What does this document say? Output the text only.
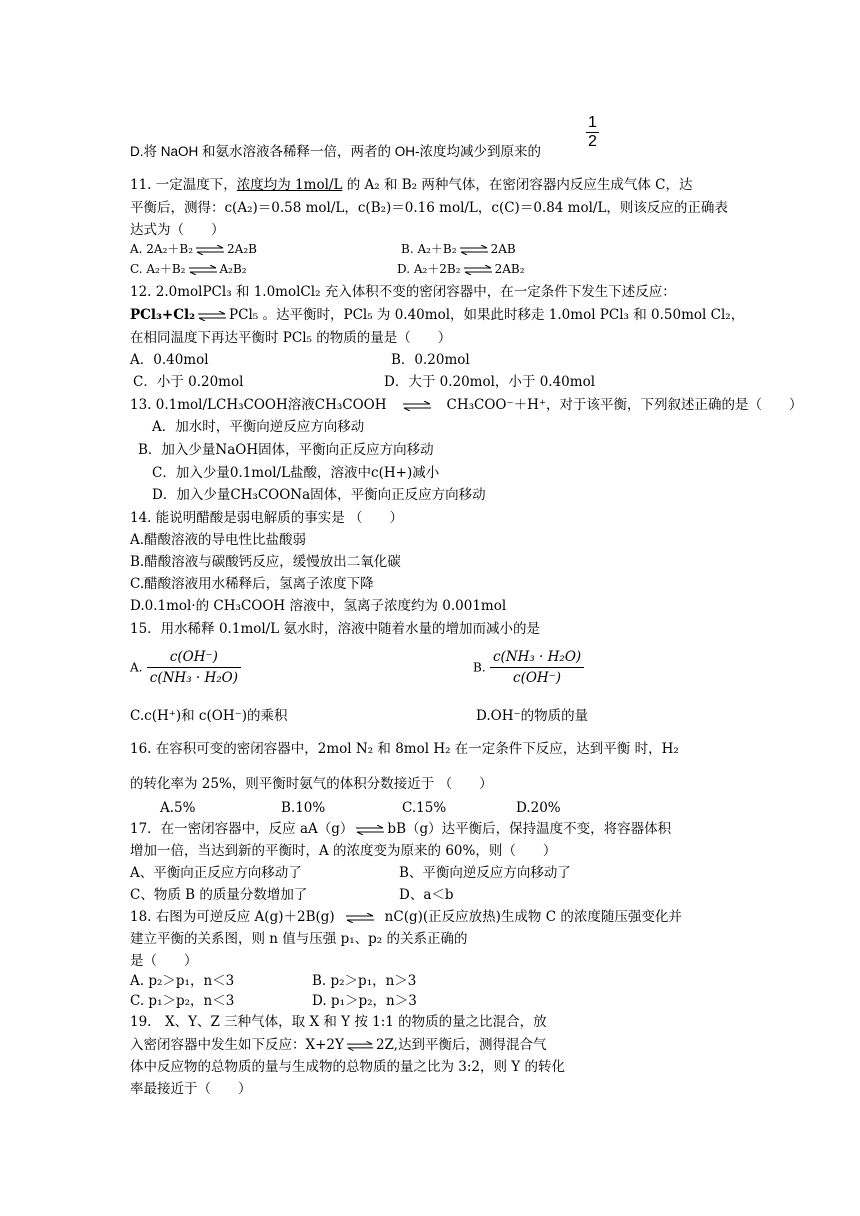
D.将 NaOH 和氨水溶液各稀释一倍，两者的 OH-浓度均减少到原来的
$\frac{1}{2}$
11. 一定温度下，浓度均为 1mol/L 的 A₂ 和 B₂ 两种气体，在密闭容器内反应生成气体 C，达
平衡后，测得：c(A₂)＝0.58 mol/L，c(B₂)＝0.16 mol/L，c(C)＝0.84 mol/L，则该反应的正确表
达式为（　　）
A. 2A₂＋B₂	2A₂B	B. A₂＋B₂	2AB
C. A₂＋B₂	A₂B₂	D. A₂＋2B₂	2AB₂
12. 2.0molPCl₃ 和 1.0molCl₂ 充入体积不变的密闭容器中，在一定条件下发生下述反应：
PCl₃+Cl₂	PCl₅ 。达平衡时，PCl₅ 为 0.40mol，如果此时移走 1.0mol PCl₃ 和 0.50mol Cl₂，
在相同温度下再达平衡时 PCl₅ 的物质的量是（　　）
A．0.40mol	B．0.20mol
C．小于 0.20mol	D．大于 0.20mol，小于 0.40mol
13. 0.1mol/LCH₃COOH溶液CH₃COOH	CH₃COO⁻＋H⁺，对于该平衡，下列叙述正确的是（　　）
A．加水时，平衡向逆反应方向移动
B．加入少量NaOH固体，平衡向正反应方向移动
C．加入少量0.1mol/L盐酸，溶液中c(H+)减小
D．加入少量CH₃COONa固体，平衡向正反应方向移动
14. 能说明醋酸是弱电解质的事实是 （　　）
A.醋酸溶液的导电性比盐酸弱
B.醋酸溶液与碳酸钙反应，缓慢放出二氧化碳
C.醋酸溶液用水稀释后，氢离子浓度下降
D.0.1mol·的 CH₃COOH 溶液中，氢离子浓度约为 0.001mol
15．用水稀释 0.1mol/L 氨水时，溶液中随着水量的增加而减小的是
A. $\frac{c(OH^-)}{\text{c(NH₃ · H₂O)}}$	B. $\frac{\text{c(NH₃ · H₂O)}}{c(OH^-)}$
C.c(H⁺)和 c(OH⁻)的乘积	D.OH⁻的物质的量
16. 在容积可变的密闭容器中，2mol N₂ 和 8mol H₂ 在一定条件下反应，达到平衡 时，H₂
的转化率为 25%，则平衡时氨气的体积分数接近于 （　　）
A.5%	B.10%	C.15%	D.20%
17．在一密闭容器中，反应 aA（g）	bB（g）达平衡后，保持温度不变，将容器体积
增加一倍，当达到新的平衡时，A 的浓度变为原来的 60%，则（　　）
A、平衡向正反应方向移动了	B、平衡向逆反应方向移动了
C、物质 B 的质量分数增加了	D、a＜b
18. 右图为可逆反应 A(g)＋2B(g)	nC(g)(正反应放热)生成物 C 的浓度随压强变化并
建立平衡的关系图，则 n 值与压强 p₁、p₂ 的关系正确的
是（　　）
A. p₂＞p₁，n＜3	B. p₂＞p₁，n＞3
C. p₁＞p₂，n＜3	D. p₁＞p₂，n＞3
19.　X、Y、Z 三种气体，取 X 和 Y 按 1:1 的物质的量之比混合，放
入密闭容器中发生如下反应：X+2Y 2Z,达到平衡后，测得混合气
体中反应物的总物质的量与生成物的总物质的量之比为 3:2，则 Y 的转化
率最接近于（　　）
